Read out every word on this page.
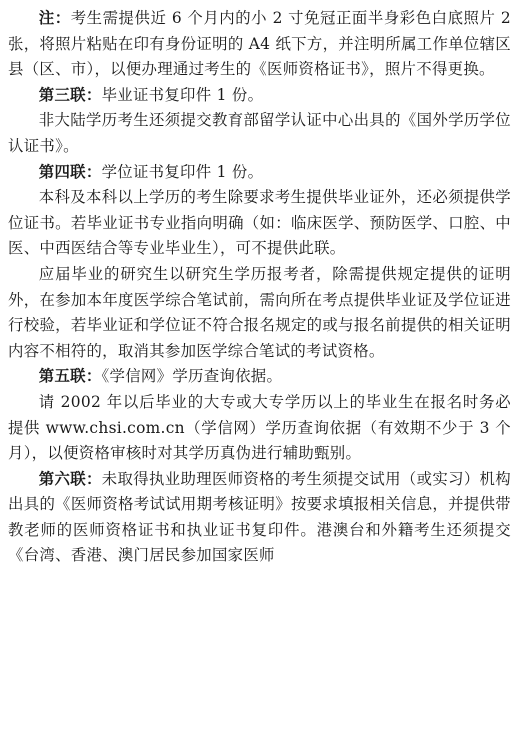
注：考生需提供近 6 个月内的小 2 寸免冠正面半身彩色白底照片 2 张，将照片粘贴在印有身份证明的 A4 纸下方，并注明所属工作单位辖区县（区、市），以便办理通过考生的《医师资格证书》，照片不得更换。

第三联：毕业证书复印件 1 份。

非大陆学历考生还须提交教育部留学认证中心出具的《国外学历学位认证书》。

第四联：学位证书复印件 1 份。

本科及本科以上学历的考生除要求考生提供毕业证外，还必须提供学位证书。若毕业证书专业指向明确（如：临床医学、预防医学、口腔、中医、中西医结合等专业毕业生），可不提供此联。

应届毕业的研究生以研究生学历报考者，除需提供规定提供的证明外，在参加本年度医学综合笔试前，需向所在考点提供毕业证及学位证进行校验，若毕业证和学位证不符合报名规定的或与报名前提供的相关证明内容不相符的，取消其参加医学综合笔试的考试资格。

第五联：《学信网》学历查询依据。

请 2002 年以后毕业的大专或大专学历以上的毕业生在报名时务必提供 www.chsi.com.cn（学信网）学历查询依据（有效期不少于 3 个月），以便资格审核时对其学历真伪进行辅助甄别。

第六联：未取得执业助理医师资格的考生须提交试用（或实习）机构出具的《医师资格考试试用期考核证明》按要求填报相关信息，并提供带教老师的医师资格证书和执业证书复印件。港澳台和外籍考生还须提交《台湾、香港、澳门居民参加国家医师
